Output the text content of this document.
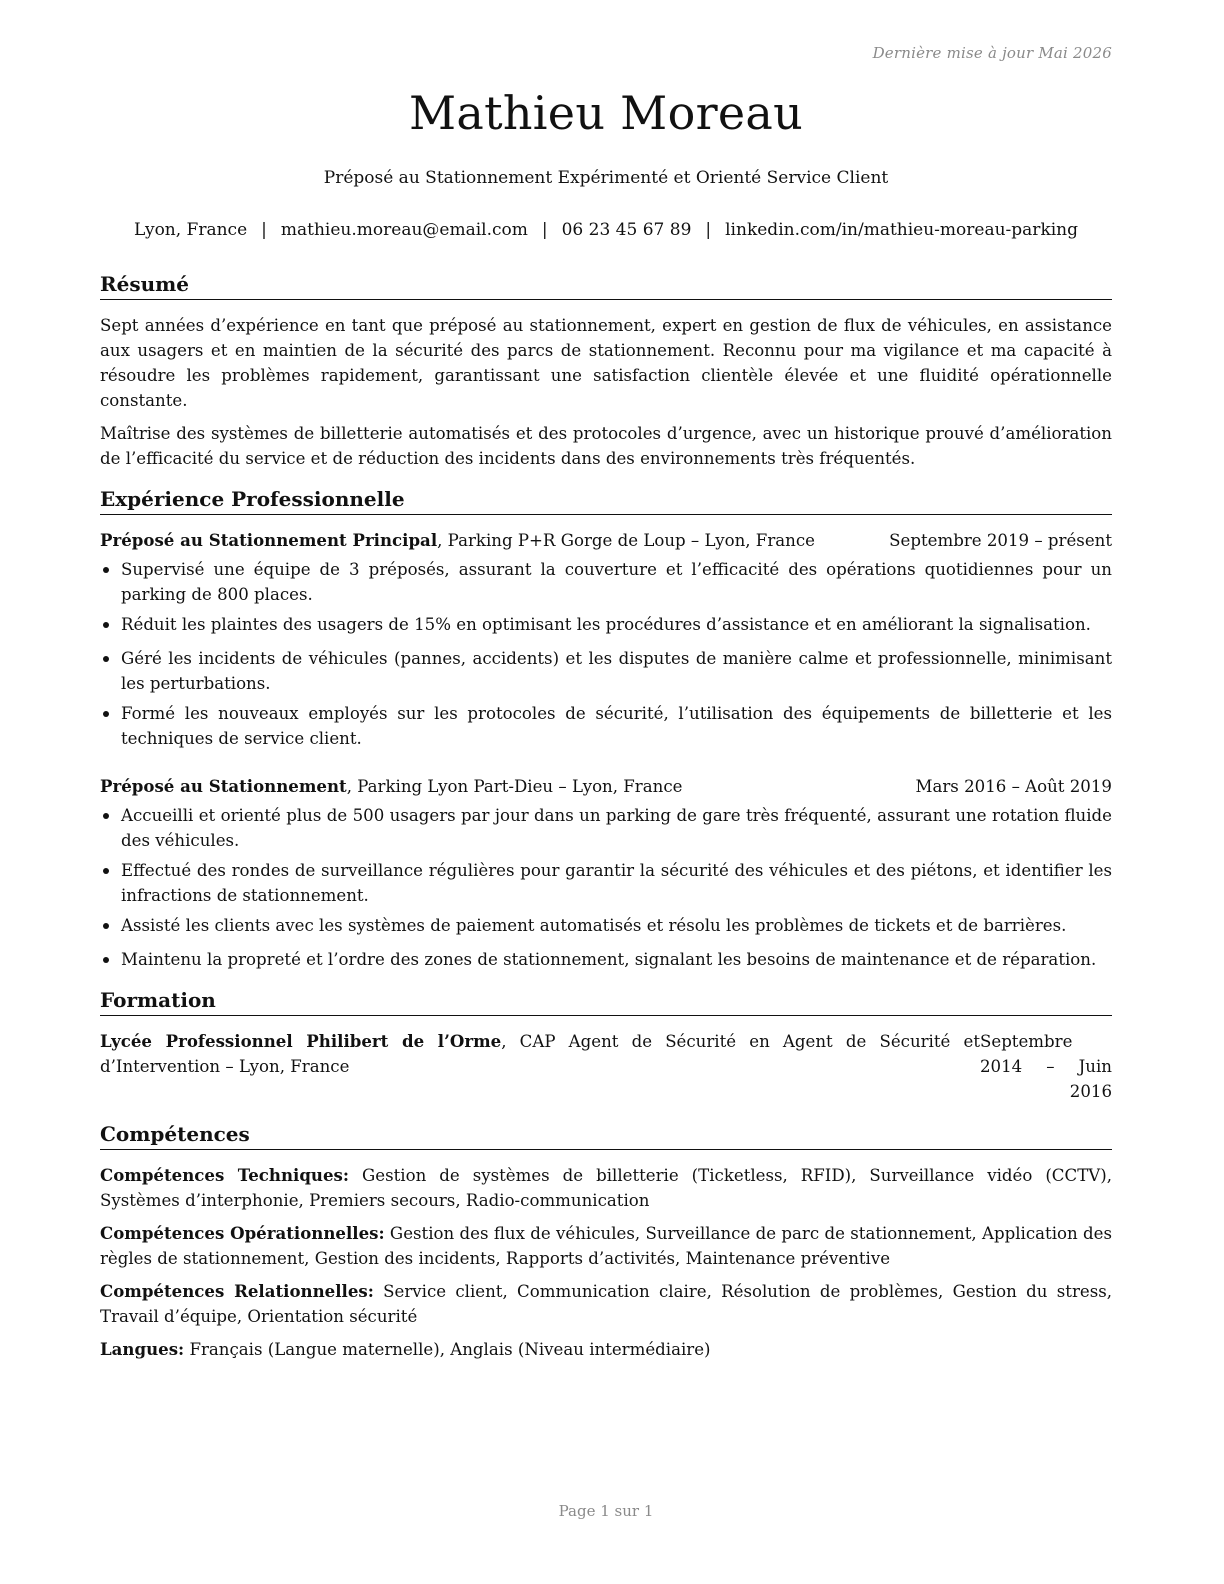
Dernière mise à jour Mai 2026
Mathieu Moreau
Préposé au Stationnement Expérimenté et Orienté Service Client
Lyon, France | mathieu.moreau@email.com | 06 23 45 67 89 | linkedin.com/in/mathieu-moreau-parking
Résumé

Sept années d’expérience en tant que préposé au stationnement, expert en gestion de flux de véhicules, en assistance aux usagers et en maintien de la sécurité des parcs de stationnement. Reconnu pour ma vigilance et ma capacité à résoudre les problèmes rapidement, garantissant une satisfaction clientèle élevée et une fluidité opérationnelle constante.

Maîtrise des systèmes de billetterie automatisés et des protocoles d’urgence, avec un historique prouvé d’amélioration de l’efficacité du service et de réduction des incidents dans des environnements très fréquentés.

Expérience Professionnelle
Préposé au Stationnement Principal, Parking P+R Gorge de Loup – Lyon, France	Septembre 2019 – présent
Supervisé une équipe de 3 préposés, assurant la couverture et l’efficacité des opérations quotidiennes pour un parking de 800 places.
Réduit les plaintes des usagers de 15% en optimisant les procédures d’assistance et en améliorant la signalisation.
Géré les incidents de véhicules (pannes, accidents) et les disputes de manière calme et professionnelle, minimisant les perturbations.
Formé les nouveaux employés sur les protocoles de sécurité, l’utilisation des équipements de billetterie et les techniques de service client.
Préposé au Stationnement, Parking Lyon Part-Dieu – Lyon, France	Mars 2016 – Août 2019
Accueilli et orienté plus de 500 usagers par jour dans un parking de gare très fréquenté, assurant une rotation fluide des véhicules.
Effectué des rondes de surveillance régulières pour garantir la sécurité des véhicules et des piétons, et identifier les infractions de stationnement.
Assisté les clients avec les systèmes de paiement automatisés et résolu les problèmes de tickets et de barrières.
Maintenu la propreté et l’ordre des zones de stationnement, signalant les besoins de maintenance et de réparation.
Formation
Lycée Professionnel Philibert de l’Orme, CAP Agent de Sécurité en Agent de Sécurité et d’Intervention – Lyon, France
Septembre 2014 – Juin
2016
Compétences

Compétences Techniques: Gestion de systèmes de billetterie (Ticketless, RFID), Surveillance vidéo (CCTV), Systèmes d’interphonie, Premiers secours, Radio-communication

Compétences Opérationnelles: Gestion des flux de véhicules, Surveillance de parc de stationnement, Application des règles de stationnement, Gestion des incidents, Rapports d’activités, Maintenance préventive

Compétences Relationnelles: Service client, Communication claire, Résolution de problèmes, Gestion du stress, Travail d’équipe, Orientation sécurité

Langues: Français (Langue maternelle), Anglais (Niveau intermédiaire)

Page 1 sur 1
